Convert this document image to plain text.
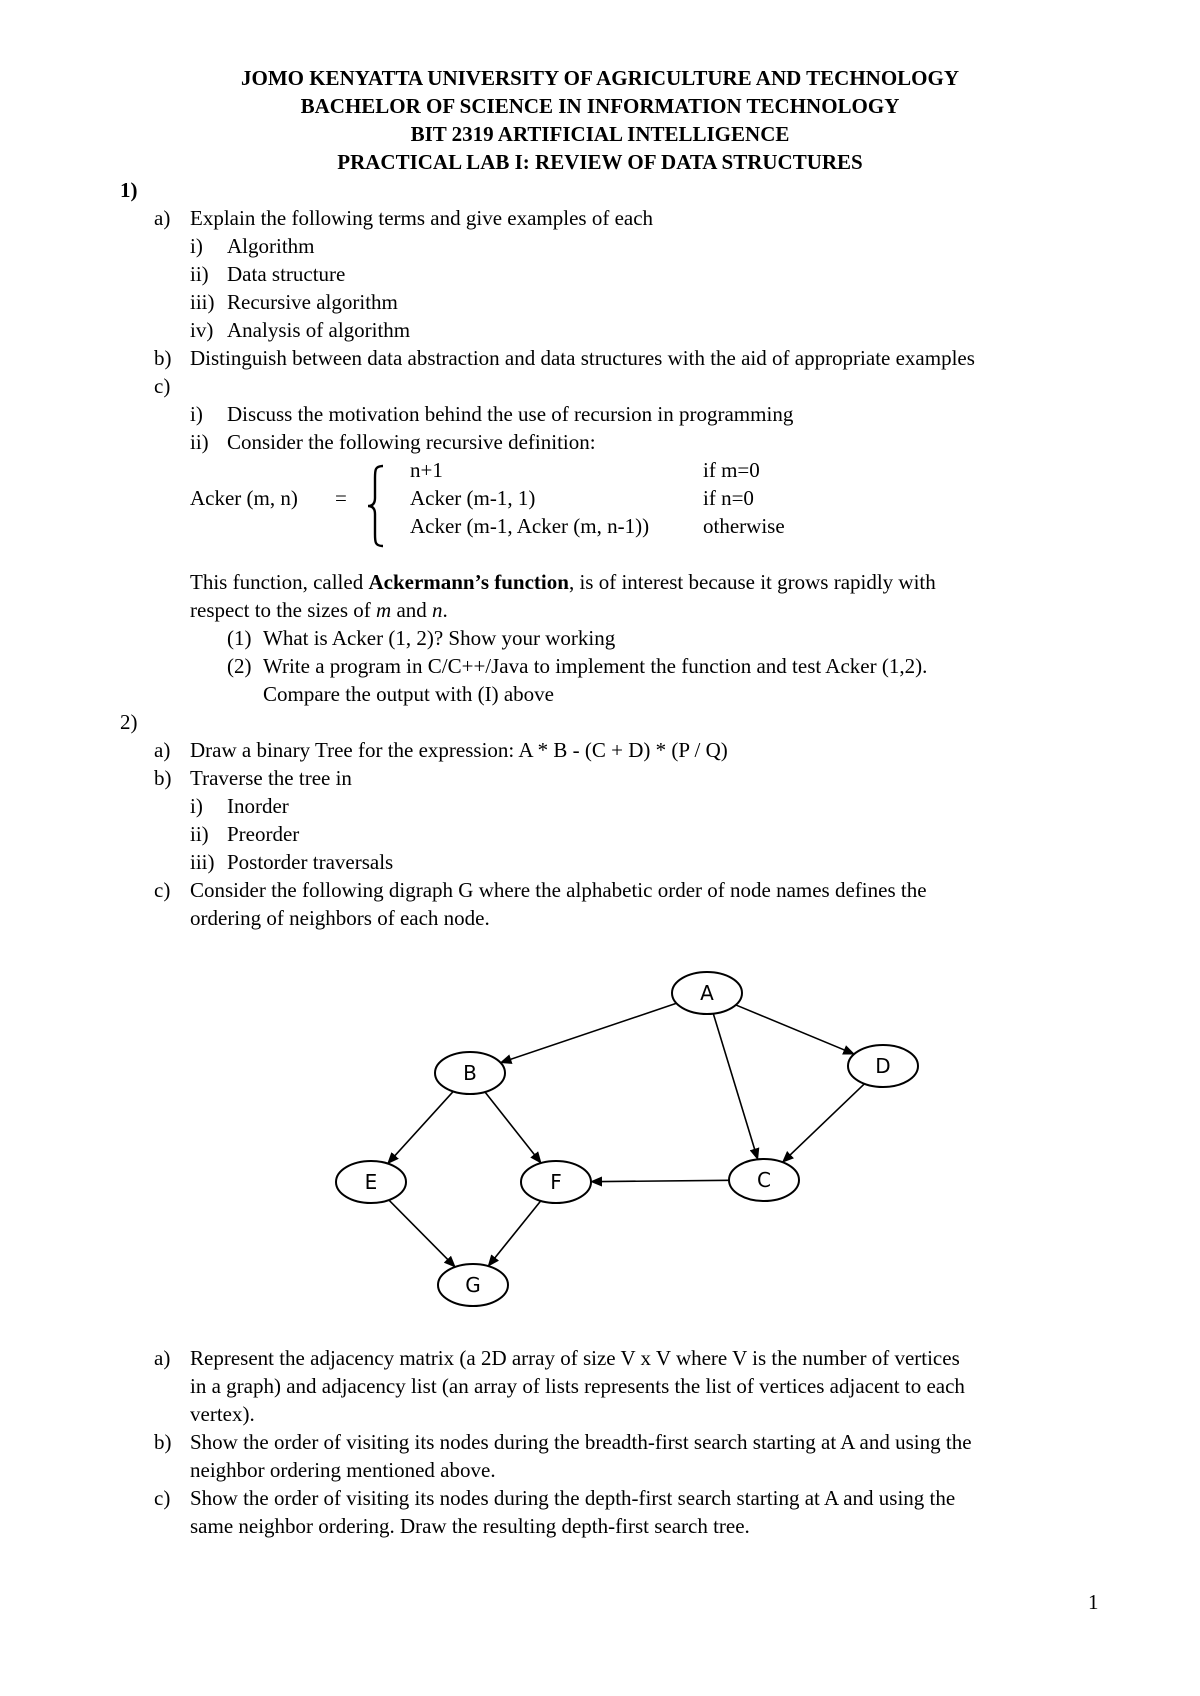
JOMO KENYATTA UNIVERSITY OF AGRICULTURE AND TECHNOLOGY
BACHELOR OF SCIENCE IN INFORMATION TECHNOLOGY
BIT 2319 ARTIFICIAL INTELLIGENCE
PRACTICAL LAB I: REVIEW OF DATA STRUCTURES
1)
a) Explain the following terms and give examples of each
i) Algorithm
ii) Data structure
iii) Recursive algorithm
iv) Analysis of algorithm
b) Distinguish between data abstraction and data structures with the aid of appropriate examples
c)
i) Discuss the motivation behind the use of recursion in programming
ii) Consider the following recursive definition:
Acker (m, n) =
n+1	if m=0
Acker (m-1, 1)	if n=0
Acker (m-1, Acker (m, n-1))	otherwise
This function, called Ackermann’s function, is of interest because it grows rapidly with
respect to the sizes of m and n.
(1) What is Acker (1, 2)? Show your working
(2) Write a program in C/C++/Java to implement the function and test Acker (1,2).
Compare the output with (I) above
2)
a) Draw a binary Tree for the expression: A * B - (C + D) * (P / Q)
b) Traverse the tree in
i) Inorder
ii) Preorder
iii) Postorder traversals
c) Consider the following digraph G where the alphabetic order of node names defines the
ordering of neighbors of each node.
A
B
C
D
E	F
G
a) Represent the adjacency matrix (a 2D array of size V x V where V is the number of vertices
in a graph) and adjacency list (an array of lists represents the list of vertices adjacent to each
vertex).
b) Show the order of visiting its nodes during the breadth-first search starting at A and using the
neighbor ordering mentioned above.
c) Show the order of visiting its nodes during the depth-first search starting at A and using the
same neighbor ordering. Draw the resulting depth-first search tree.
1
